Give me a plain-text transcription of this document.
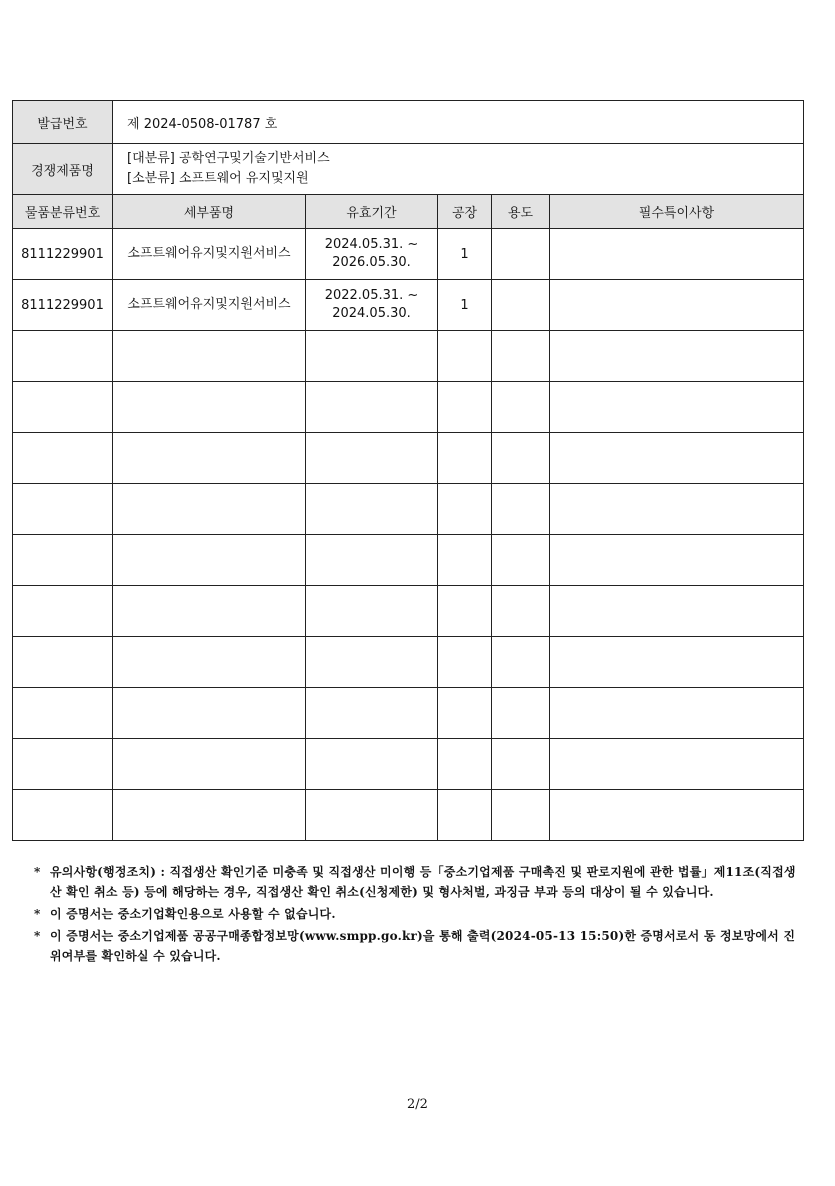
발급번호	제 2024-0508-01787 호
경쟁제품명	[대분류] 공학연구및기술기반서비스
[소분류] 소프트웨어 유지및지원
물품분류번호	세부품명	유효기간	공장	용도	필수특이사항
8111229901	소프트웨어유지및지원서비스	2024.05.31. ~ 2026.05.30.	1		
8111229901	소프트웨어유지및지원서비스	2022.05.31. ~ 2024.05.30.	1		

* 유의사항(행정조치) : 직접생산 확인기준 미충족 및 직접생산 미이행 등「중소기업제품 구매촉진 및 판로지원에 관한 법률」제11조(직접생산 확인 취소 등) 등에 해당하는 경우, 직접생산 확인 취소(신청제한) 및 형사처벌, 과징금 부과 등의 대상이 될 수 있습니다.
* 이 증명서는 중소기업확인용으로 사용할 수 없습니다.
* 이 증명서는 중소기업제품 공공구매종합정보망(www.smpp.go.kr)을 통해 출력(2024-05-13 15:50)한 증명서로서 동 정보망에서 진위여부를 확인하실 수 있습니다.
2/2
